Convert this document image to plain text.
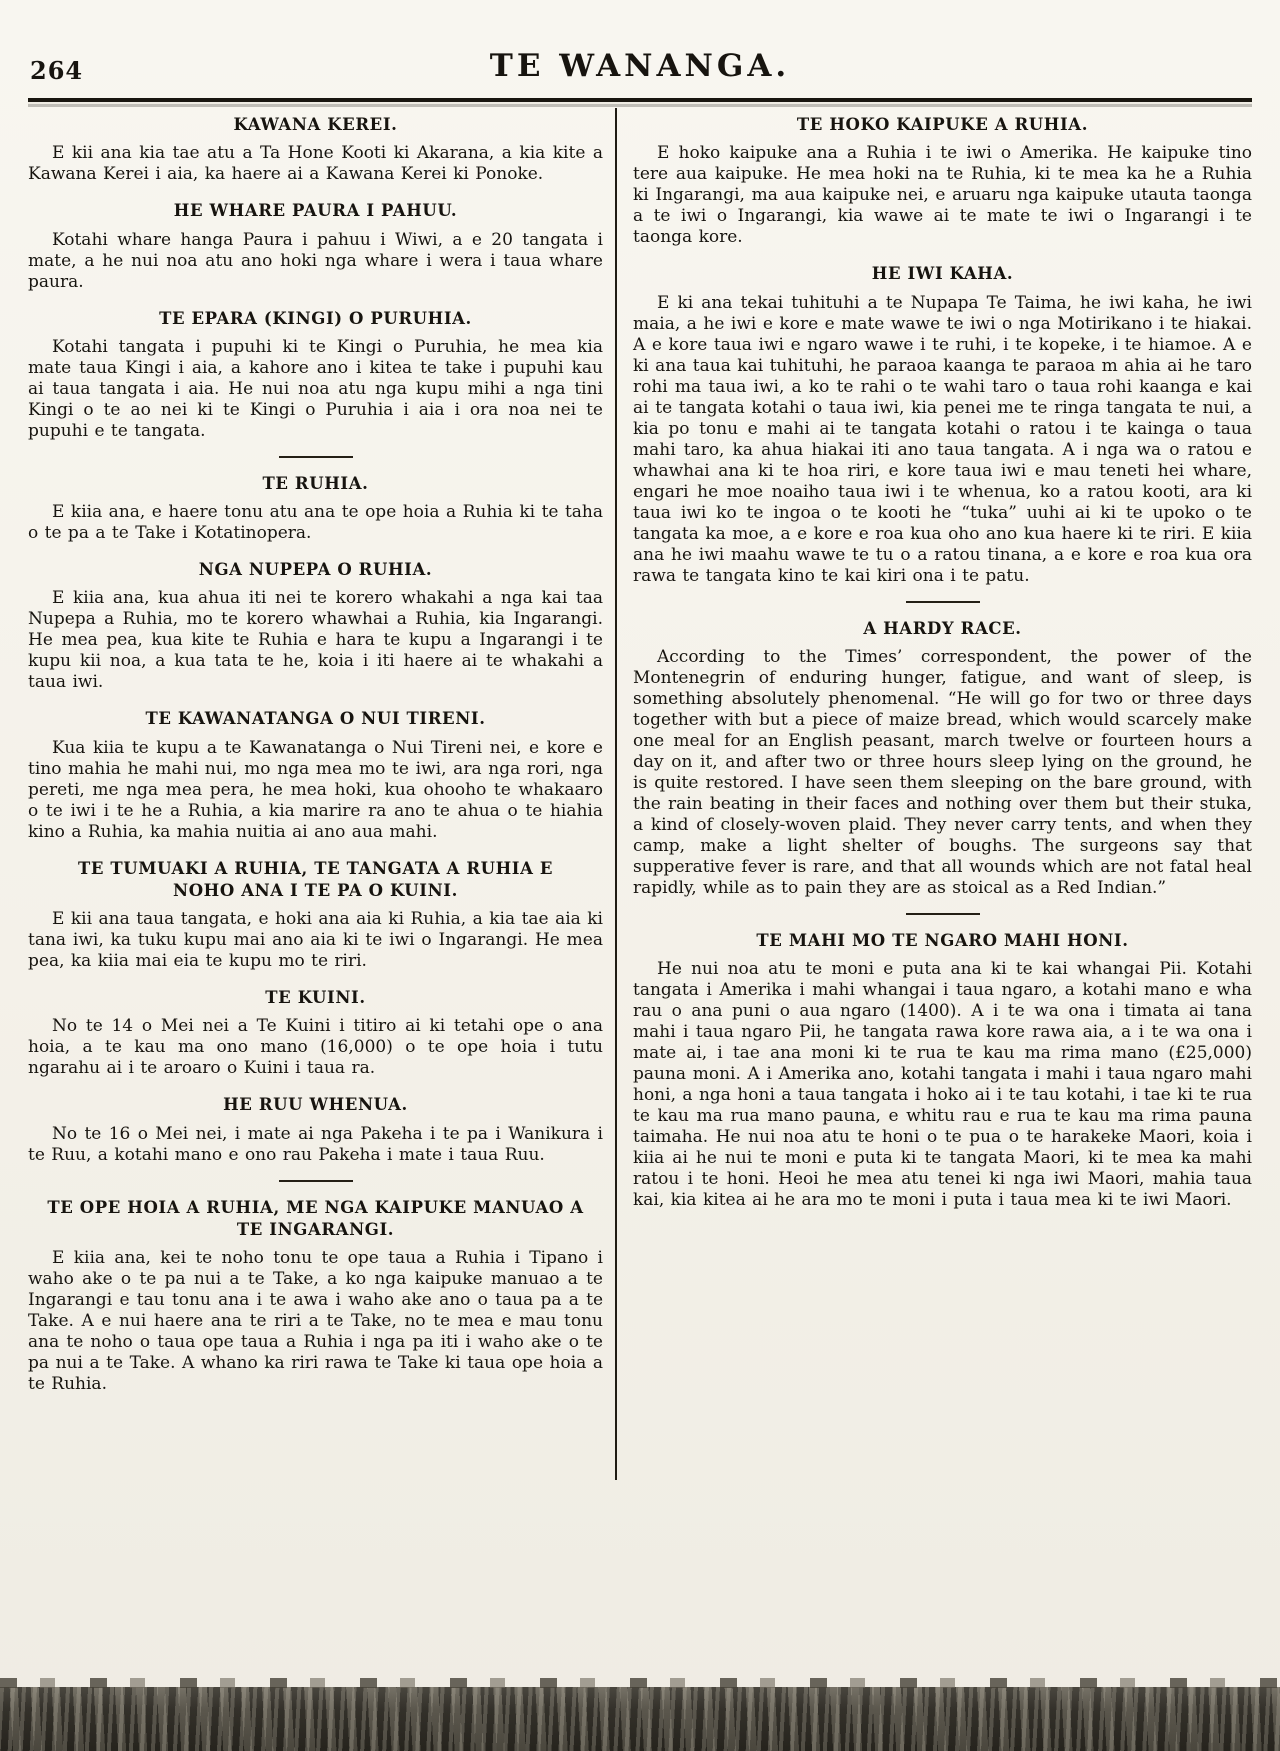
264	TE WANANGA.
KAWANA KEREI.

E kii ana kia tae atu a Ta Hone Kooti ki Akarana, a kia kite a Kawana Kerei i aia, ka haere ai a Kawana Kerei ki Ponoke.

HE WHARE PAURA I PAHUU.

Kotahi whare hanga Paura i pahuu i Wiwi, a e 20 tangata i mate, a he nui noa atu ano hoki nga whare i wera i taua whare paura.

TE EPARA (KINGI) O PURUHIA.

Kotahi tangata i pupuhi ki te Kingi o Puruhia, he mea kia mate taua Kingi i aia, a kahore ano i kitea te take i pupuhi kau ai taua tangata i aia. He nui noa atu nga kupu mihi a nga tini Kingi o te ao nei ki te Kingi o Puruhia i aia i ora noa nei te pupuhi e te tangata.

TE RUHIA.

E kiia ana, e haere tonu atu ana te ope hoia a Ruhia ki te taha o te pa a te Take i Kotatinopera.

NGA NUPEPA O RUHIA.

E kiia ana, kua ahua iti nei te korero whakahi a nga kai taa Nupepa a Ruhia, mo te korero whawhai a Ruhia, kia Ingarangi. He mea pea, kua kite te Ruhia e hara te kupu a Ingarangi i te kupu kii noa, a kua tata te he, koia i iti haere ai te whakahi a taua iwi.

TE KAWANATANGA O NUI TIRENI.

Kua kiia te kupu a te Kawanatanga o Nui Tireni nei, e kore e tino mahia he mahi nui, mo nga mea mo te iwi, ara nga rori, nga pereti, me nga mea pera, he mea hoki, kua ohooho te whakaaro o te iwi i te he a Ruhia, a kia marire ra ano te ahua o te hiahia kino a Ruhia, ka mahia nuitia ai ano aua mahi.

TE TUMUAKI A RUHIA, TE TANGATA A RUHIA E NOHO ANA I TE PA O KUINI.

E kii ana taua tangata, e hoki ana aia ki Ruhia, a kia tae aia ki tana iwi, ka tuku kupu mai ano aia ki te iwi o Ingarangi. He mea pea, ka kiia mai eia te kupu mo te riri.

TE KUINI.

No te 14 o Mei nei a Te Kuini i titiro ai ki tetahi ope o ana hoia, a te kau ma ono mano (16,000) o te ope hoia i tutu ngarahu ai i te aroaro o Kuini i taua ra.

HE RUU WHENUA.

No te 16 o Mei nei, i mate ai nga Pakeha i te pa i Wanikura i te Ruu, a kotahi mano e ono rau Pakeha i mate i taua Ruu.

TE OPE HOIA A RUHIA, ME NGA KAIPUKE MANUAO A TE INGARANGI.

E kiia ana, kei te noho tonu te ope taua a Ruhia i Tipano i waho ake o te pa nui a te Take, a ko nga kaipuke manuao a te Ingarangi e tau tonu ana i te awa i waho ake ano o taua pa a te Take. A e nui haere ana te riri a te Take, no te mea e mau tonu ana te noho o taua ope taua a Ruhia i nga pa iti i waho ake o te pa nui a te Take. A whano ka riri rawa te Take ki taua ope hoia a te Ruhia.

TE HOKO KAIPUKE A RUHIA.

E hoko kaipuke ana a Ruhia i te iwi o Amerika. He kaipuke tino tere aua kaipuke. He mea hoki na te Ruhia, ki te mea ka he a Ruhia ki Ingarangi, ma aua kaipuke nei, e aruaru nga kaipuke utauta taonga a te iwi o Ingarangi, kia wawe ai te mate te iwi o Ingarangi i te taonga kore.

HE IWI KAHA.

E ki ana tekai tuhituhi a te Nupapa Te Taima, he iwi kaha, he iwi maia, a he iwi e kore e mate wawe te iwi o nga Motirikano i te hiakai. A e kore taua iwi e ngaro wawe i te ruhi, i te kopeke, i te hiamoe. A e ki ana taua kai tuhituhi, he paraoa kaanga te paraoa m ahia ai he taro rohi ma taua iwi, a ko te rahi o te wahi taro o taua rohi kaanga e kai ai te tangata kotahi o taua iwi, kia penei me te ringa tangata te nui, a kia po tonu e mahi ai te tangata kotahi o ratou i te kainga o taua mahi taro, ka ahua hiakai iti ano taua tangata. A i nga wa o ratou e whawhai ana ki te hoa riri, e kore taua iwi e mau teneti hei whare, engari he moe noaiho taua iwi i te whenua, ko a ratou kooti, ara ki taua iwi ko te ingoa o te kooti he “tuka” uuhi ai ki te upoko o te tangata ka moe, a e kore e roa kua oho ano kua haere ki te riri. E kiia ana he iwi maahu wawe te tu o a ratou tinana, a e kore e roa kua ora rawa te tangata kino te kai kiri ona i te patu.

A HARDY RACE.

According to the Times’ correspondent, the power of the Montenegrin of enduring hunger, fatigue, and want of sleep, is something absolutely phenomenal. “He will go for two or three days together with but a piece of maize bread, which would scarcely make one meal for an English peasant, march twelve or fourteen hours a day on it, and after two or three hours sleep lying on the ground, he is quite restored. I have seen them sleeping on the bare ground, with the rain beating in their faces and nothing over them but their stuka, a kind of closely-woven plaid. They never carry tents, and when they camp, make a light shelter of boughs. The surgeons say that supperative fever is rare, and that all wounds which are not fatal heal rapidly, while as to pain they are as stoical as a Red Indian.”

TE MAHI MO TE NGARO MAHI HONI.

He nui noa atu te moni e puta ana ki te kai whangai Pii. Kotahi tangata i Amerika i mahi whangai i taua ngaro, a kotahi mano e wha rau o ana puni o aua ngaro (1400). A i te wa ona i timata ai tana mahi i taua ngaro Pii, he tangata rawa kore rawa aia, a i te wa ona i mate ai, i tae ana moni ki te rua te kau ma rima mano (£25,000) pauna moni. A i Amerika ano, kotahi tangata i mahi i taua ngaro mahi honi, a nga honi a taua tangata i hoko ai i te tau kotahi, i tae ki te rua te kau ma rua mano pauna, e whitu rau e rua te kau ma rima pauna taimaha. He nui noa atu te honi o te pua o te harakeke Maori, koia i kiia ai he nui te moni e puta ki te tangata Maori, ki te mea ka mahi ratou i te honi. Heoi he mea atu tenei ki nga iwi Maori, mahia taua kai, kia kitea ai he ara mo te moni i puta i taua mea ki te iwi Maori.
